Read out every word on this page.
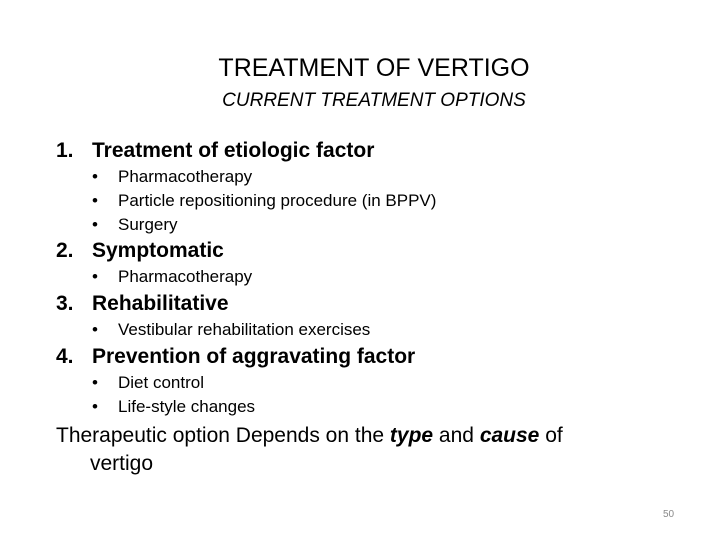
TREATMENT OF VERTIGO
CURRENT TREATMENT OPTIONS
1. Treatment of etiologic factor
• Pharmacotherapy
• Particle repositioning procedure (in BPPV)
• Surgery
2. Symptomatic
• Pharmacotherapy
3. Rehabilitative
• Vestibular rehabilitation exercises
4. Prevention of aggravating factor
• Diet control
• Life-style changes
Therapeutic option Depends on the type and cause of
vertigo
50
